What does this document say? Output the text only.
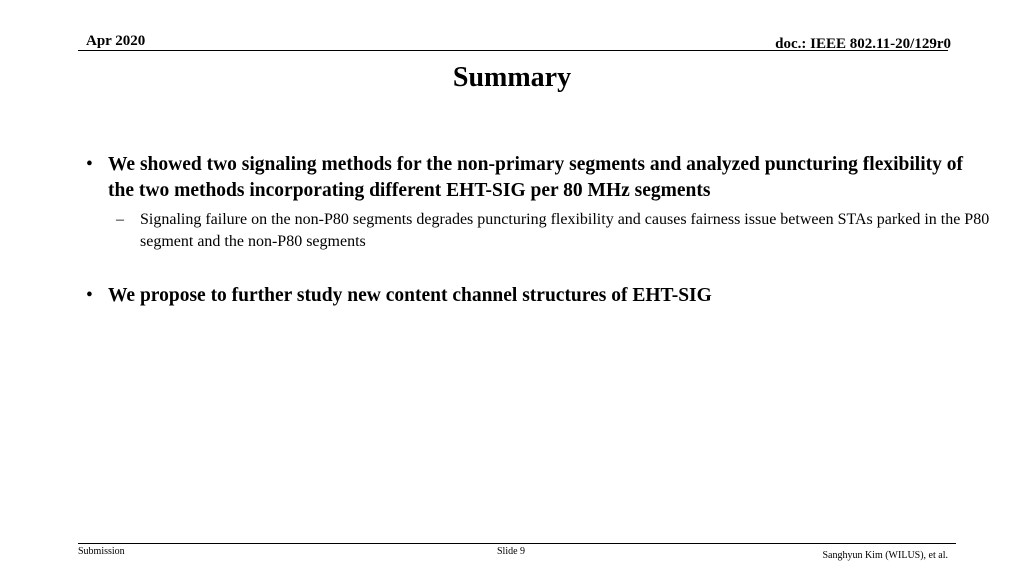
Apr 2020	doc.: IEEE 802.11-20/129r0
Summary
• We showed two signaling methods for the non-primary segments and analyzed puncturing flexibility of the two methods incorporating different EHT-SIG per 80 MHz segments
– Signaling failure on the non-P80 segments degrades puncturing flexibility and causes fairness issue between STAs parked in the P80 segment and the non-P80 segments
• We propose to further study new content channel structures of EHT-SIG
Submission	Slide 9	Sanghyun Kim (WILUS), et al.
